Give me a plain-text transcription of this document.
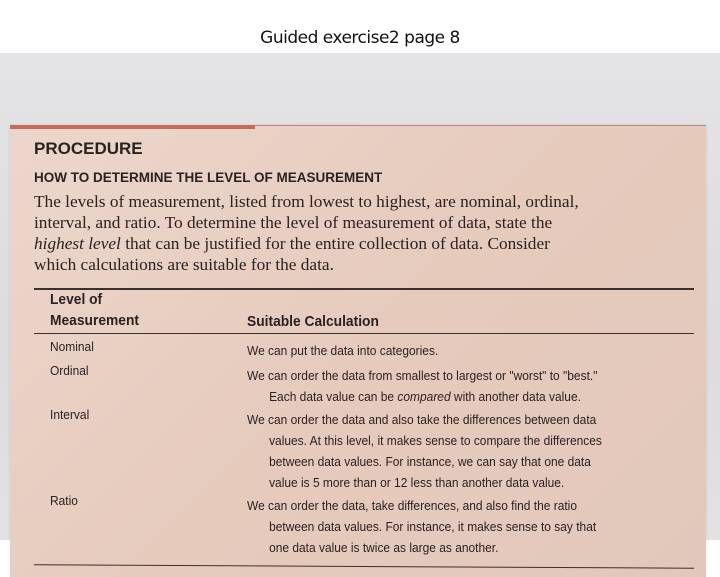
Guided exercise2 page 8
PROCEDURE
HOW TO DETERMINE THE LEVEL OF MEASUREMENT
The levels of measurement, listed from lowest to highest, are nominal, ordinal,
interval, and ratio. To determine the level of measurement of data, state the
highest level that can be justified for the entire collection of data. Consider
which calculations are suitable for the data.
Level of
Measurement	Suitable Calculation
Nominal	We can put the data into categories.
Ordinal	We can order the data from smallest to largest or "worst" to "best."
Each data value can be compared with another data value.
Interval	We can order the data and also take the differences between data
values. At this level, it makes sense to compare the differences
between data values. For instance, we can say that one data
value is 5 more than or 12 less than another data value.
Ratio	We can order the data, take differences, and also find the ratio
between data values. For instance, it makes sense to say that
one data value is twice as large as another.
